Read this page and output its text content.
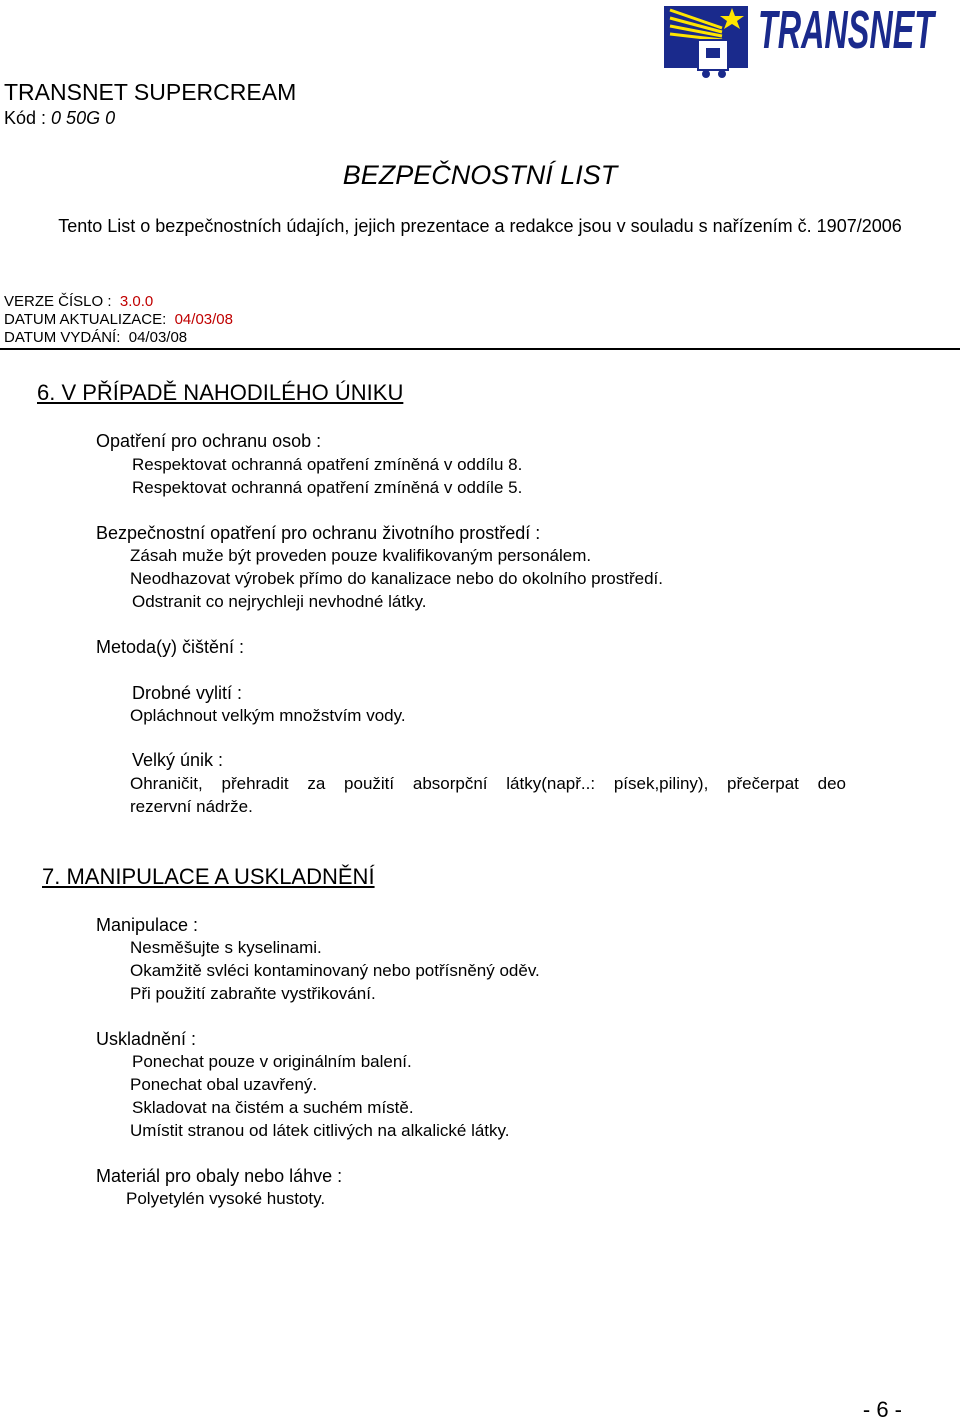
TRANSNET
TRANSNET SUPERCREAM
Kód : 0 50G 0
BEZPEČNOSTNÍ LIST
Tento List o bezpečnostních údajích, jejich prezentace a redakce jsou v souladu s nařízením č. 1907/2006
VERZE ČÍSLO : 3.0.0
DATUM AKTUALIZACE: 04/03/08
DATUM VYDÁNÍ: 04/03/08
6. V PŘÍPADĚ NAHODILÉHO ÚNIKU
Opatření pro ochranu osob :
Respektovat ochranná opatření zmíněná v oddílu 8.
Respektovat ochranná opatření zmíněná v oddíle 5.
Bezpečnostní opatření pro ochranu životního prostředí :
Zásah muže být proveden pouze kvalifikovaným personálem.
Neodhazovat výrobek přímo do kanalizace nebo do okolního prostředí.
Odstranit co nejrychleji nevhodné látky.
Metoda(y) čištění :
Drobné vylití :
Opláchnout velkým množstvím vody.
Velký únik :
Ohraničit, přehradit za použití absorpční látky(např..: písek,piliny), přečerpat deo
rezervní nádrže.
7. MANIPULACE A USKLADNĚNÍ
Manipulace :
Nesměšujte s kyselinami.
Okamžitě svléci kontaminovaný nebo potřísněný oděv.
Při použití zabraňte vystřikování.
Uskladnění :
Ponechat pouze v originálním balení.
Ponechat obal uzavřený.
Skladovat na čistém a suchém místě.
Umístit stranou od látek citlivých na alkalické látky.
Materiál pro obaly nebo láhve :
Polyetylén vysoké hustoty.
- 6 -
